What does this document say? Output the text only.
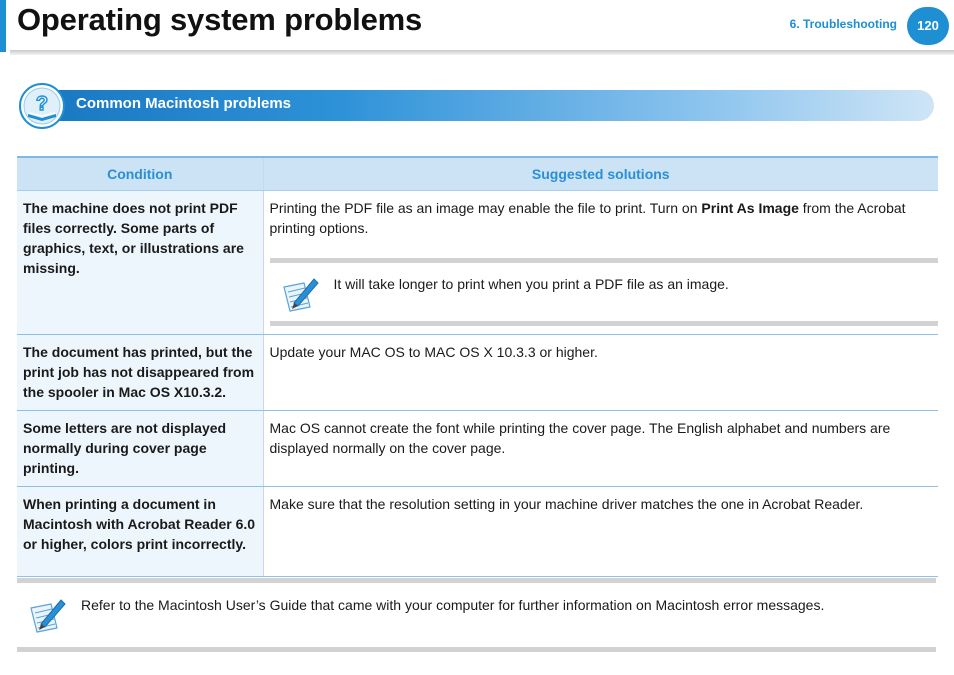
Operating system problems	6. Troubleshooting	120
? Common Macintosh problems
Condition	Suggested solutions
The machine does not print PDF files correctly. Some parts of graphics, text, or illustrations are missing.	Printing the PDF file as an image may enable the file to print. Turn on Print As Image from the Acrobat printing options.
It will take longer to print when you print a PDF file as an image.

The document has printed, but the print job has not disappeared from the spooler in Mac OS X10.3.2.	Update your MAC OS to MAC OS X 10.3.3 or higher.
Some letters are not displayed normally during cover page printing.	Mac OS cannot create the font while printing the cover page. The English alphabet and numbers are displayed normally on the cover page.
When printing a document in Macintosh with Acrobat Reader 6.0 or higher, colors print incorrectly.	Make sure that the resolution setting in your machine driver matches the one in Acrobat Reader.
Refer to the Macintosh User’s Guide that came with your computer for further information on Macintosh error messages.
